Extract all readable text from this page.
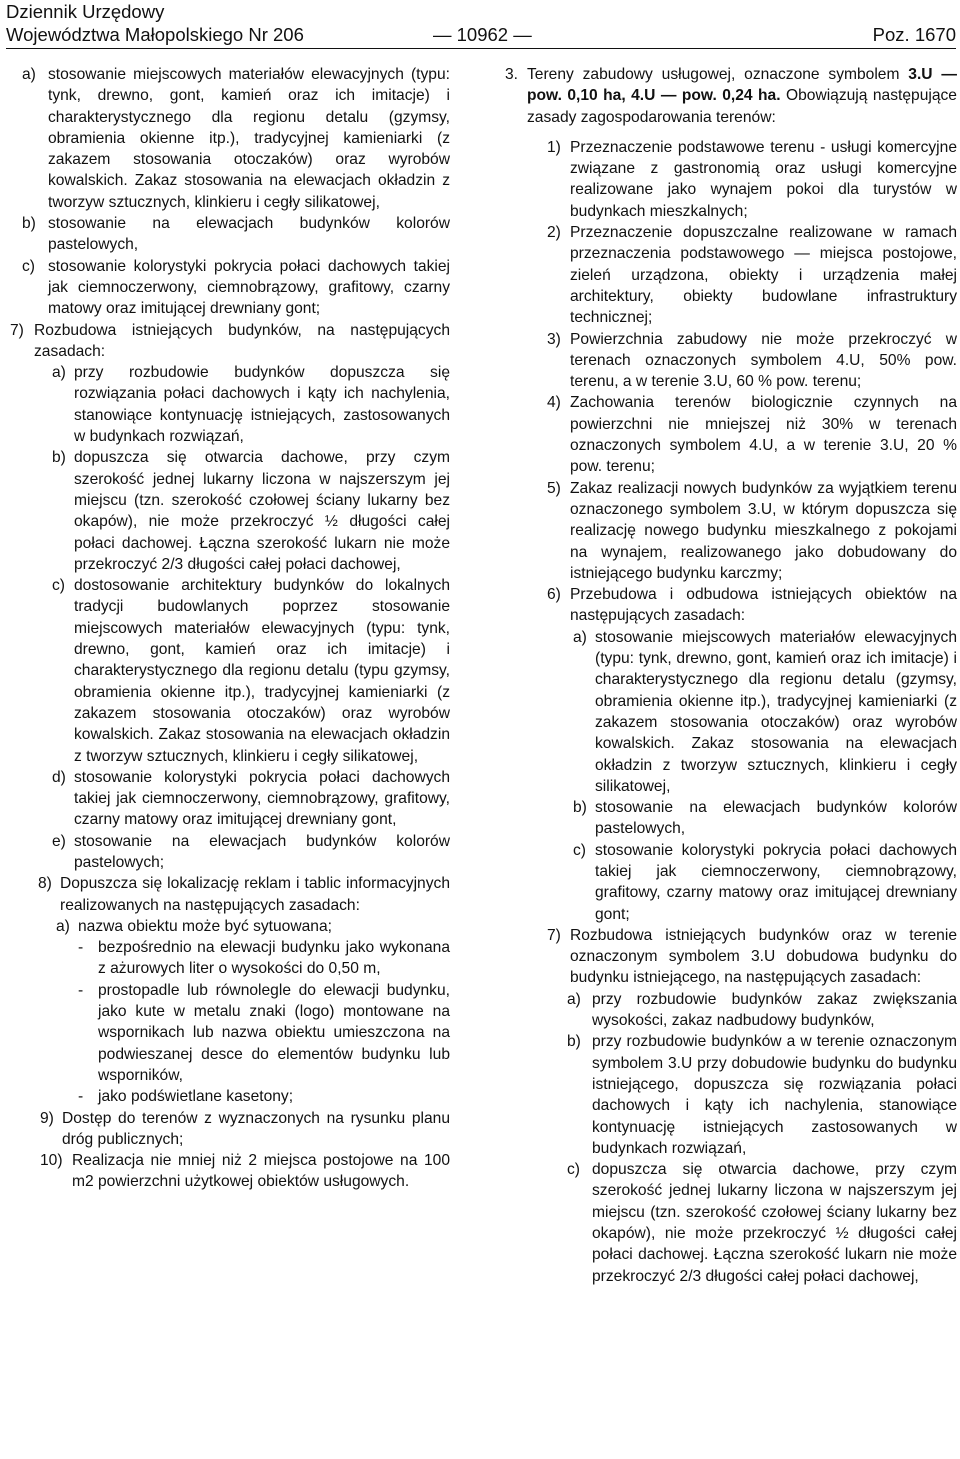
Dziennik Urzędowy
Województwa Małopolskiego Nr 206	— 10962 —	Poz. 1670
a) stosowanie miejscowych materiałów elewacyjnych (typu: tynk, drewno, gont, kamień oraz ich imitacje) i charakterystycznego dla regionu detalu (gzymsy, obramienia okienne itp.), tradycyjnej kamieniarki (z zakazem stosowania otoczaków) oraz wyrobów kowalskich. Zakaz stosowania na elewacjach okładzin z tworzyw sztucznych, klinkieru i cegły silikatowej,

b) stosowanie na elewacjach budynków kolorów pastelowych,

c) stosowanie kolorystyki pokrycia połaci dachowych takiej jak ciemnoczerwony, ciemnobrązowy, grafitowy, czarny matowy oraz imitującej drewniany gont;

7) Rozbudowa istniejących budynków, na następujących zasadach:

a) przy rozbudowie budynków dopuszcza się rozwiązania połaci dachowych i kąty ich nachylenia, stanowiące kontynuację istniejących, zastosowanych w budynkach rozwiązań,

b) dopuszcza się otwarcia dachowe, przy czym szerokość jednej lukarny liczona w najszerszym jej miejscu (tzn. szerokość czołowej ściany lukarny bez okapów), nie może przekroczyć ½ długości całej połaci dachowej. Łączna szerokość lukarn nie może przekroczyć 2/3 długości całej połaci dachowej,

c) dostosowanie architektury budynków do lokalnych tradycji budowlanych poprzez stosowanie miejscowych materiałów elewacyjnych (typu: tynk, drewno, gont, kamień oraz ich imitacje) i charakterystycznego dla regionu detalu (typu gzymsy, obramienia okienne itp.), tradycyjnej kamieniarki (z zakazem stosowania otoczaków) oraz wyrobów kowalskich. Zakaz stosowania na elewacjach okładzin z tworzyw sztucznych, klinkieru i cegły silikatowej,

d) stosowanie kolorystyki pokrycia połaci dachowych takiej jak ciemnoczerwony, ciemnobrązowy, grafitowy, czarny matowy oraz imitującej drewniany gont,

e) stosowanie na elewacjach budynków kolorów pastelowych;

8) Dopuszcza się lokalizację reklam i tablic informacyjnych realizowanych na następujących zasadach:

a) nazwa obiektu może być sytuowana;

- bezpośrednio na elewacji budynku jako wykonana z ażurowych liter o wysokości do 0,50 m,

- prostopadle lub równolegle do elewacji budynku, jako kute w metalu znaki (logo) montowane na wspornikach lub nazwa obiektu umieszczona na podwieszanej desce do elementów budynku lub wsporników,

- jako podświetlane kasetony;

9) Dostęp do terenów z wyznaczonych na rysunku planu dróg publicznych;

10) Realizacja nie mniej niż 2 miejsca postojowe na 100 m2 powierzchni użytkowej obiektów usługowych.

3. Tereny zabudowy usługowej, oznaczone symbolem 3.U — pow. 0,10 ha, 4.U — pow. 0,24 ha. Obowiązują następujące zasady zagospodarowania terenów:

1) Przeznaczenie podstawowe terenu - usługi komercyjne związane z gastronomią oraz usługi komercyjne realizowane jako wynajem pokoi dla turystów w budynkach mieszkalnych;

2) Przeznaczenie dopuszczalne realizowane w ramach przeznaczenia podstawowego — miejsca postojowe, zieleń urządzona, obiekty i urządzenia małej architektury, obiekty budowlane infrastruktury technicznej;

3) Powierzchnia zabudowy nie może przekroczyć w terenach oznaczonych symbolem 4.U, 50% pow. terenu, a w terenie 3.U, 60 % pow. terenu;

4) Zachowania terenów biologicznie czynnych na powierzchni nie mniejszej niż 30% w terenach oznaczonych symbolem 4.U, a w terenie 3.U, 20 % pow. terenu;

5) Zakaz realizacji nowych budynków za wyjątkiem terenu oznaczonego symbolem 3.U, w którym dopuszcza się realizację nowego budynku mieszkalnego z pokojami na wynajem, realizowanego jako dobudowany do istniejącego budynku karczmy;

6) Przebudowa i odbudowa istniejących obiektów na następujących zasadach:

a) stosowanie miejscowych materiałów elewacyjnych (typu: tynk, drewno, gont, kamień oraz ich imitacje) i charakterystycznego dla regionu detalu (gzymsy, obramienia okienne itp.), tradycyjnej kamieniarki (z zakazem stosowania otoczaków) oraz wyrobów kowalskich. Zakaz stosowania na elewacjach okładzin z tworzyw sztucznych, klinkieru i cegły silikatowej,

b) stosowanie na elewacjach budynków kolorów pastelowych,

c) stosowanie kolorystyki pokrycia połaci dachowych takiej jak ciemnoczerwony, ciemnobrązowy, grafitowy, czarny matowy oraz imitującej drewniany gont;

7) Rozbudowa istniejących budynków oraz w terenie oznaczonym symbolem 3.U dobudowa budynku do budynku istniejącego, na następujących zasadach:

a) przy rozbudowie budynków zakaz zwiększania wysokości, zakaz nadbudowy budynków,

b) przy rozbudowie budynków a w terenie oznaczonym symbolem 3.U przy dobudowie budynku do budynku istniejącego, dopuszcza się rozwiązania połaci dachowych i kąty ich nachylenia, stanowiące kontynuację istniejących zastosowanych w budynkach rozwiązań,

c) dopuszcza się otwarcia dachowe, przy czym szerokość jednej lukarny liczona w najszerszym jej miejscu (tzn. szerokość czołowej ściany lukarny bez okapów), nie może przekroczyć ½ długości całej połaci dachowej. Łączna szerokość lukarn nie może przekroczyć 2/3 długości całej połaci dachowej,
